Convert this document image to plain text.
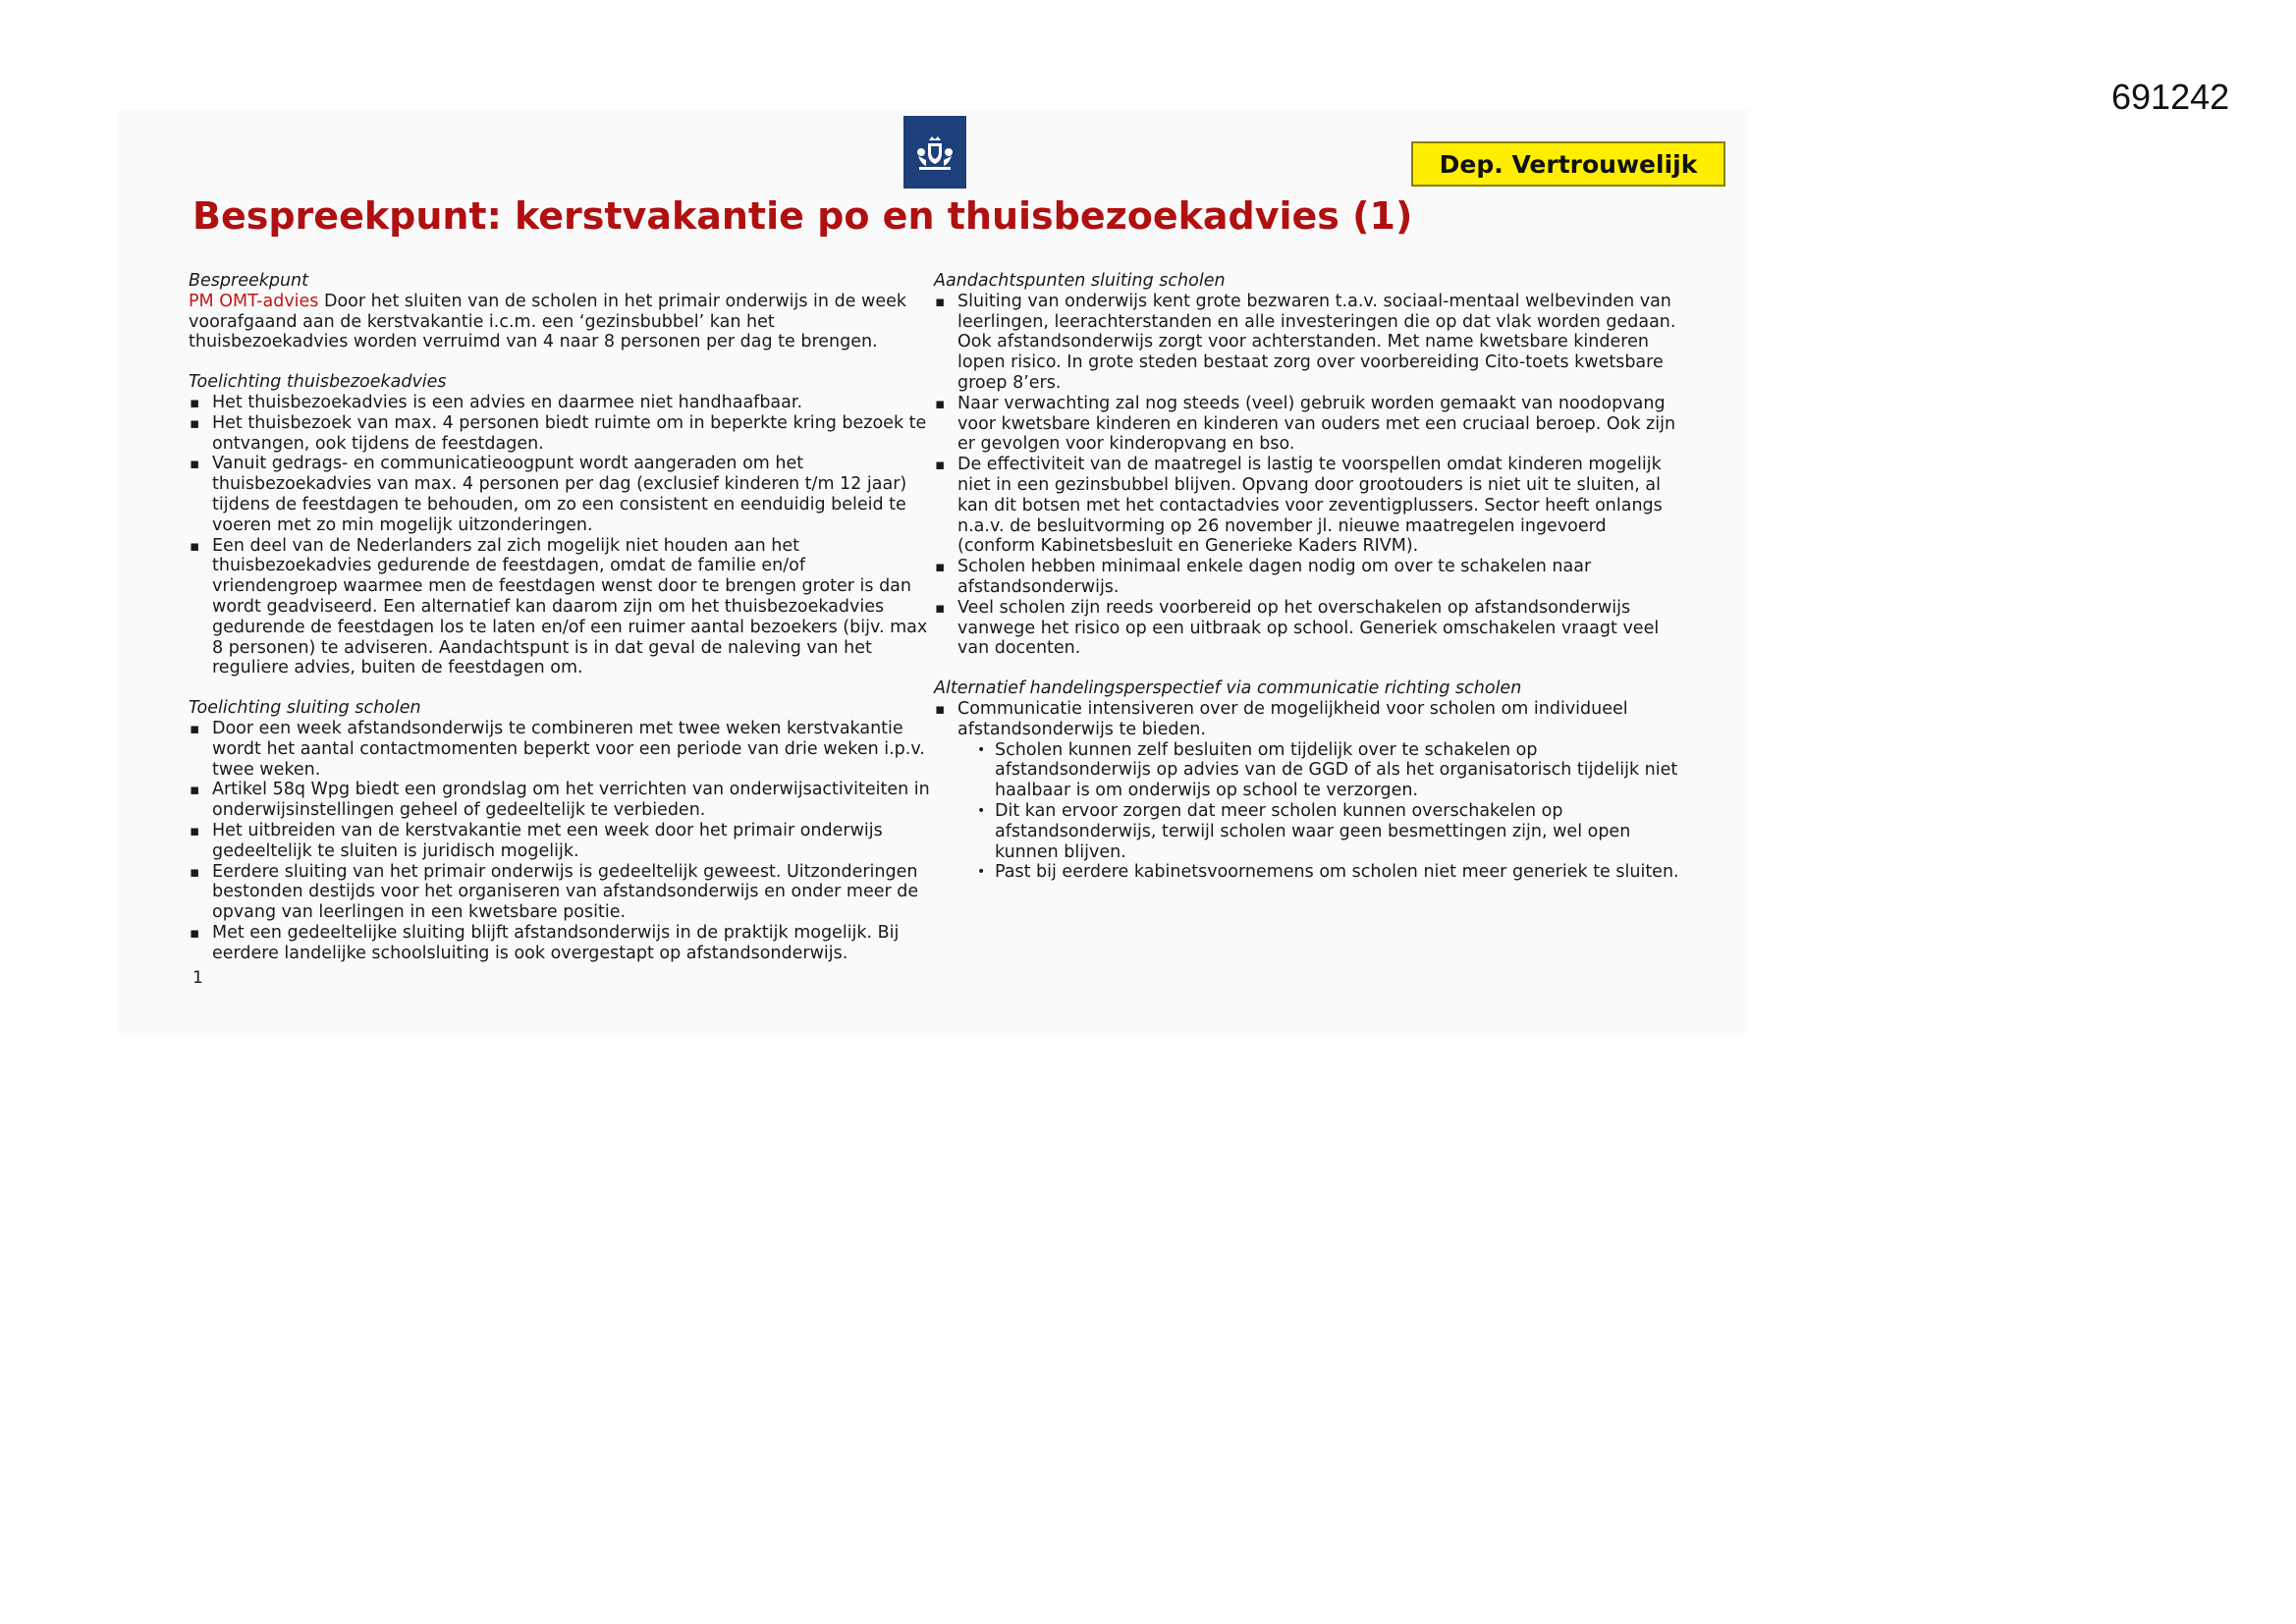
691242
Dep. Vertrouwelijk
Bespreekpunt: kerstvakantie po en thuisbezoekadvies (1)

Bespreekpunt

PM OMT-advies Door het sluiten van de scholen in het primair onderwijs in de week voorafgaand aan de kerstvakantie i.c.m. een ‘gezinsbubbel’ kan het thuisbezoekadvies worden verruimd van 4 naar 8 personen per dag te brengen.

Toelichting thuisbezoekadvies

▪ Het thuisbezoekadvies is een advies en daarmee niet handhaafbaar.
▪ Het thuisbezoek van max. 4 personen biedt ruimte om in beperkte kring bezoek te ontvangen, ook tijdens de feestdagen.
▪ Vanuit gedrags- en communicatieoogpunt wordt aangeraden om het thuisbezoekadvies van max. 4 personen per dag (exclusief kinderen t/m 12 jaar) tijdens de feestdagen te behouden, om zo een consistent en eenduidig beleid te voeren met zo min mogelijk uitzonderingen.
▪ Een deel van de Nederlanders zal zich mogelijk niet houden aan het thuisbezoekadvies gedurende de feestdagen, omdat de familie en/of vriendengroep waarmee men de feestdagen wenst door te brengen groter is dan wordt geadviseerd. Een alternatief kan daarom zijn om het thuisbezoekadvies gedurende de feestdagen los te laten en/of een ruimer aantal bezoekers (bijv. max 8 personen) te adviseren. Aandachtspunt is in dat geval de naleving van het reguliere advies, buiten de feestdagen om.

Toelichting sluiting scholen

▪ Door een week afstandsonderwijs te combineren met twee weken kerstvakantie wordt het aantal contactmomenten beperkt voor een periode van drie weken i.p.v. twee weken.
▪ Artikel 58q Wpg biedt een grondslag om het verrichten van onderwijsactiviteiten in onderwijsinstellingen geheel of gedeeltelijk te verbieden.
▪ Het uitbreiden van de kerstvakantie met een week door het primair onderwijs gedeeltelijk te sluiten is juridisch mogelijk.
▪ Eerdere sluiting van het primair onderwijs is gedeeltelijk geweest. Uitzonderingen bestonden destijds voor het organiseren van afstandsonderwijs en onder meer de opvang van leerlingen in een kwetsbare positie.
▪ Met een gedeeltelijke sluiting blijft afstandsonderwijs in de praktijk mogelijk. Bij eerdere landelijke schoolsluiting is ook overgestapt op afstandsonderwijs.

Aandachtspunten sluiting scholen

▪ Sluiting van onderwijs kent grote bezwaren t.a.v. sociaal-mentaal welbevinden van leerlingen, leerachterstanden en alle investeringen die op dat vlak worden gedaan. Ook afstandsonderwijs zorgt voor achterstanden. Met name kwetsbare kinderen lopen risico. In grote steden bestaat zorg over voorbereiding Cito-toets kwetsbare groep 8’ers.
▪ Naar verwachting zal nog steeds (veel) gebruik worden gemaakt van noodopvang voor kwetsbare kinderen en kinderen van ouders met een cruciaal beroep. Ook zijn er gevolgen voor kinderopvang en bso.
▪ De effectiviteit van de maatregel is lastig te voorspellen omdat kinderen mogelijk niet in een gezinsbubbel blijven. Opvang door grootouders is niet uit te sluiten, al kan dit botsen met het contactadvies voor zeventigplussers. Sector heeft onlangs n.a.v. de besluitvorming op 26 november jl. nieuwe maatregelen ingevoerd (conform Kabinetsbesluit en Generieke Kaders RIVM).
▪ Scholen hebben minimaal enkele dagen nodig om over te schakelen naar afstandsonderwijs.
▪ Veel scholen zijn reeds voorbereid op het overschakelen op afstandsonderwijs vanwege het risico op een uitbraak op school. Generiek omschakelen vraagt veel van docenten.

Alternatief handelingsperspectief via communicatie richting scholen

▪ Communicatie intensiveren over de mogelijkheid voor scholen om individueel afstandsonderwijs te bieden.
• Scholen kunnen zelf besluiten om tijdelijk over te schakelen op afstandsonderwijs op advies van de GGD of als het organisatorisch tijdelijk niet haalbaar is om onderwijs op school te verzorgen.
• Dit kan ervoor zorgen dat meer scholen kunnen overschakelen op afstandsonderwijs, terwijl scholen waar geen besmettingen zijn, wel open kunnen blijven.
• Past bij eerdere kabinetsvoornemens om scholen niet meer generiek te sluiten.
1
